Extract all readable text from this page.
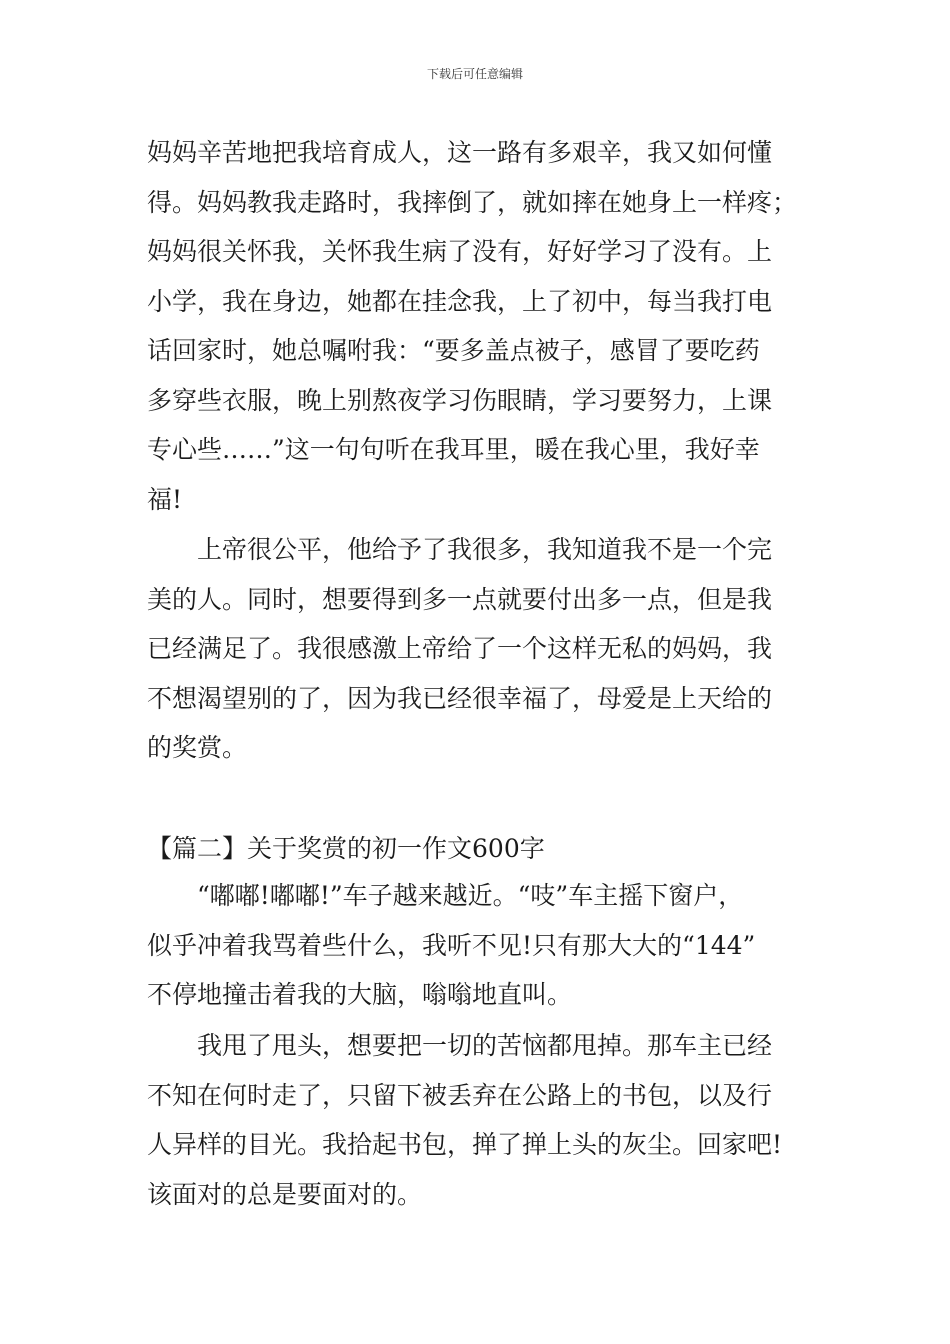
下载后可任意编辑
妈妈辛苦地把我培育成人，这一路有多艰辛，我又如何懂
得。妈妈教我走路时，我摔倒了，就如摔在她身上一样疼；
妈妈很关怀我，关怀我生病了没有，好好学习了没有。上
小学，我在身边，她都在挂念我，上了初中，每当我打电
话回家时，她总嘱咐我：“要多盖点被子，感冒了要吃药
多穿些衣服，晚上别熬夜学习伤眼睛，学习要努力，上课
专心些……”这一句句听在我耳里，暖在我心里，我好幸
福!
上帝很公平，他给予了我很多，我知道我不是一个完
美的人。同时，想要得到多一点就要付出多一点，但是我
已经满足了。我很感激上帝给了一个这样无私的妈妈，我
不想渴望别的了，因为我已经很幸福了，母爱是上天给的
的奖赏。
【篇二】关于奖赏的初一作文600字
“嘟嘟!嘟嘟!”车子越来越近。“吱”车主摇下窗户，
似乎冲着我骂着些什么，我听不见!只有那大大的“144”
不停地撞击着我的大脑，嗡嗡地直叫。
我甩了甩头，想要把一切的苦恼都甩掉。那车主已经
不知在何时走了，只留下被丢弃在公路上的书包，以及行
人异样的目光。我拾起书包，掸了掸上头的灰尘。回家吧!
该面对的总是要面对的。
